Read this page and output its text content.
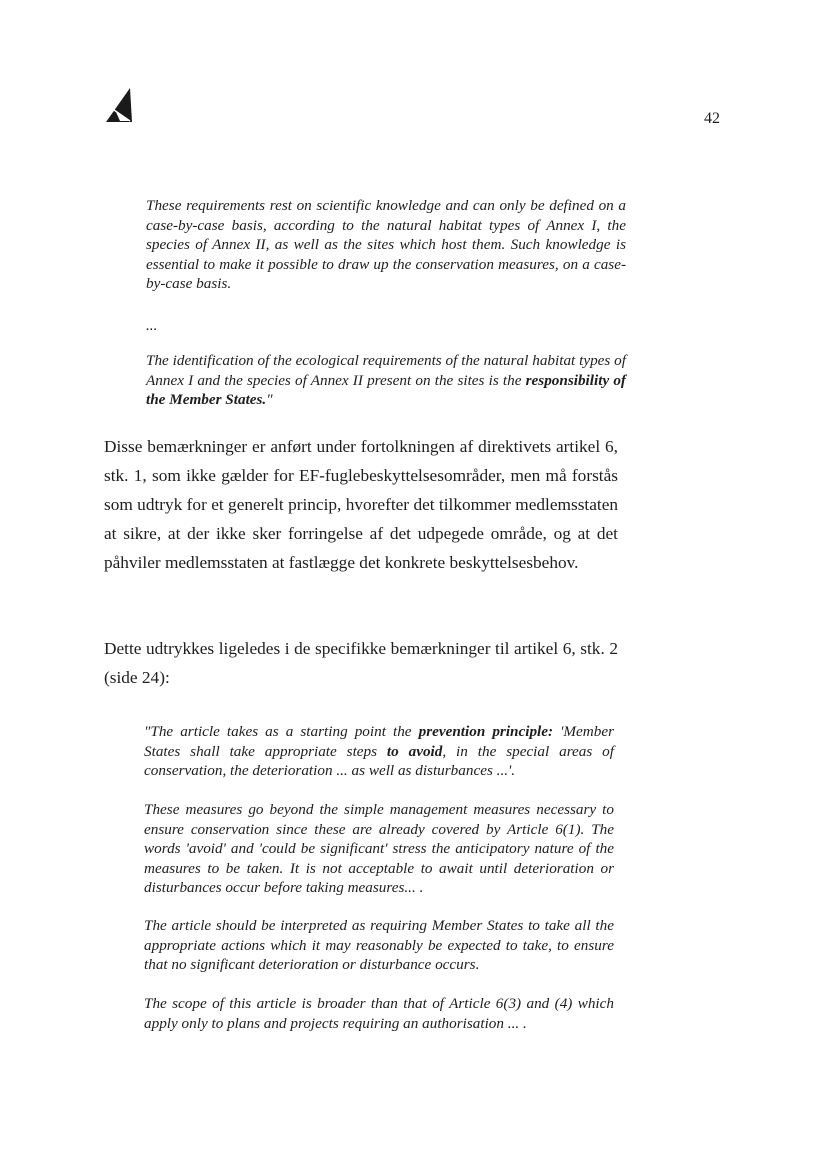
42

These requirements rest on scientific knowledge and can only be defined on a case-by-case basis, according to the natural habitat types of Annex I, the species of Annex II, as well as the sites which host them. Such knowledge is essential to make it possible to draw up the conservation measures, on a case-by-case basis.

...

The identification of the ecological requirements of the natural habitat types of Annex I and the species of Annex II present on the sites is the responsibility of the Member States."

Disse bemærkninger er anført under fortolkningen af direktivets artikel 6, stk. 1, som ikke gælder for EF-fuglebeskyttelsesområder, men må forstås som udtryk for et generelt princip, hvorefter det tilkommer medlemsstaten at sikre, at der ikke sker forringelse af det udpegede område, og at det påhviler medlemsstaten at fastlægge det konkrete beskyttelsesbehov.

Dette udtrykkes ligeledes i de specifikke bemærkninger til artikel 6, stk. 2 (side 24):

"The article takes as a starting point the prevention principle: 'Member States shall take appropriate steps to avoid, in the special areas of conservation, the deterioration ... as well as disturbances ...'.

These measures go beyond the simple management measures necessary to ensure conservation since these are already covered by Article 6(1). The words 'avoid' and 'could be significant' stress the anticipatory nature of the measures to be taken. It is not acceptable to await until deterioration or disturbances occur before taking measures... .

The article should be interpreted as requiring Member States to take all the appropriate actions which it may reasonably be expected to take, to ensure that no significant deterioration or disturbance occurs.

The scope of this article is broader than that of Article 6(3) and (4) which apply only to plans and projects requiring an authorisation ... .
